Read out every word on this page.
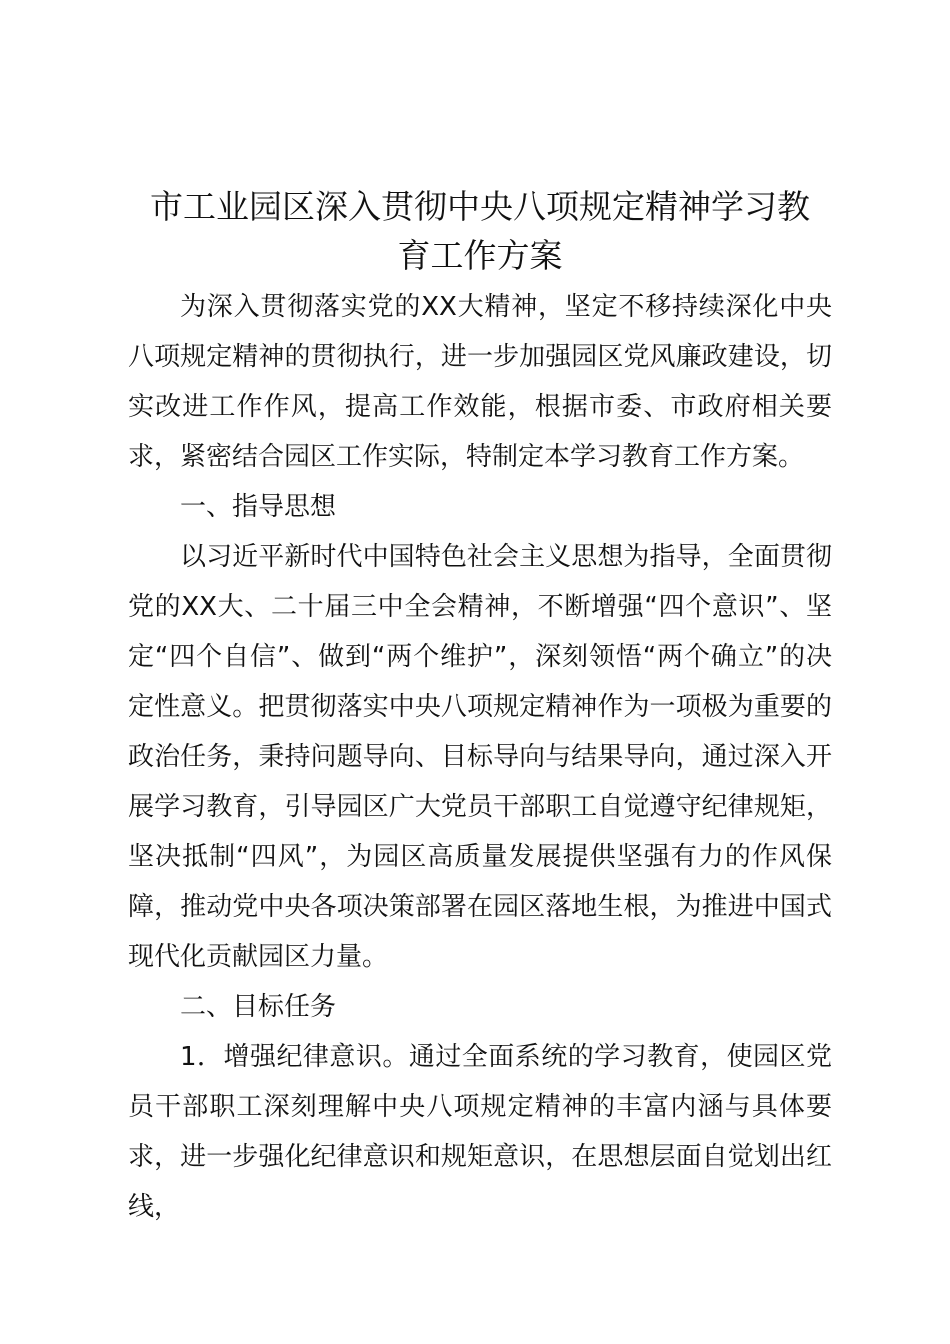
市工业园区深入贯彻中央八项规定精神学习教
育工作方案

为深入贯彻落实党的XX大精神，坚定不移持续深化中央八项规定精神的贯彻执行，进一步加强园区党风廉政建设，切实改进工作作风，提高工作效能，根据市委、市政府相关要求，紧密结合园区工作实际，特制定本学习教育工作方案。

一、指导思想

以习近平新时代中国特色社会主义思想为指导，全面贯彻党的XX大、二十届三中全会精神，不断增强“四个意识”、坚定“四个自信”、做到“两个维护”，深刻领悟“两个确立”的决定性意义。把贯彻落实中央八项规定精神作为一项极为重要的政治任务，秉持问题导向、目标导向与结果导向，通过深入开展学习教育，引导园区广大党员干部职工自觉遵守纪律规矩，坚决抵制“四风”，为园区高质量发展提供坚强有力的作风保障，推动党中央各项决策部署在园区落地生根，为推进中国式现代化贡献园区力量。

二、目标任务

1．增强纪律意识。通过全面系统的学习教育，使园区党员干部职工深刻理解中央八项规定精神的丰富内涵与具体要求，进一步强化纪律意识和规矩意识，在思想层面自觉划出红线，
